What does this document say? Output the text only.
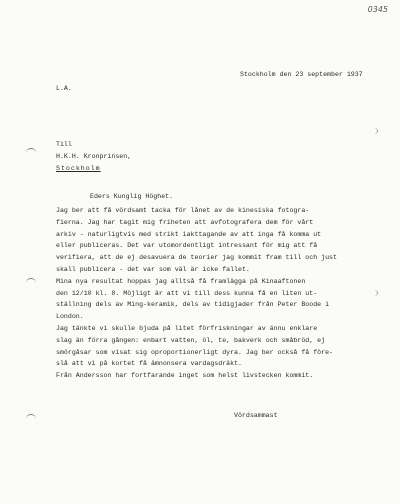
0345
Stockholm den 23 september 1937
L.A.
Till
H.K.H. Kronprinsen,
Stockholm
Eders Kunglig Höghet.
Jag ber att få vördsamt tacka för lånet av de kinesiska fotogra-
fierna. Jag har tagit mig friheten att avfotografera dem för vårt
arkiv - naturligtvis med strikt iakttagande av att inga få komma ut
eller publiceras. Det var utomordentligt intressant för mig att få
verifiera, att de ej desavuera de teorier jag kommit fram till och just
skall publicera - det var som väl är icke fallet.
Mina nya resultat hoppas jag alltså få framlägga på Kinaaftonen
den 12/10 kl. 8. Möjligt är att vi till dess kunna få en liten ut-
ställning dels av Ming-keramik, dels av tidigjader från Peter Boode i
London.
Jag tänkte vi skulle bjuda på litet förfriskningar av ännu enklare
slag än förra gången: enbart vatten, öl, te, bakverk och småbröd, ej
smörgåsar som visat sig oproportionerligt dyra. Jag ber också få före-
slå att vi på kortet få ämnonsera vardagsdräkt.
Från Andersson har fortfarande inget som helst livstecken kommit.
Vördsammast
